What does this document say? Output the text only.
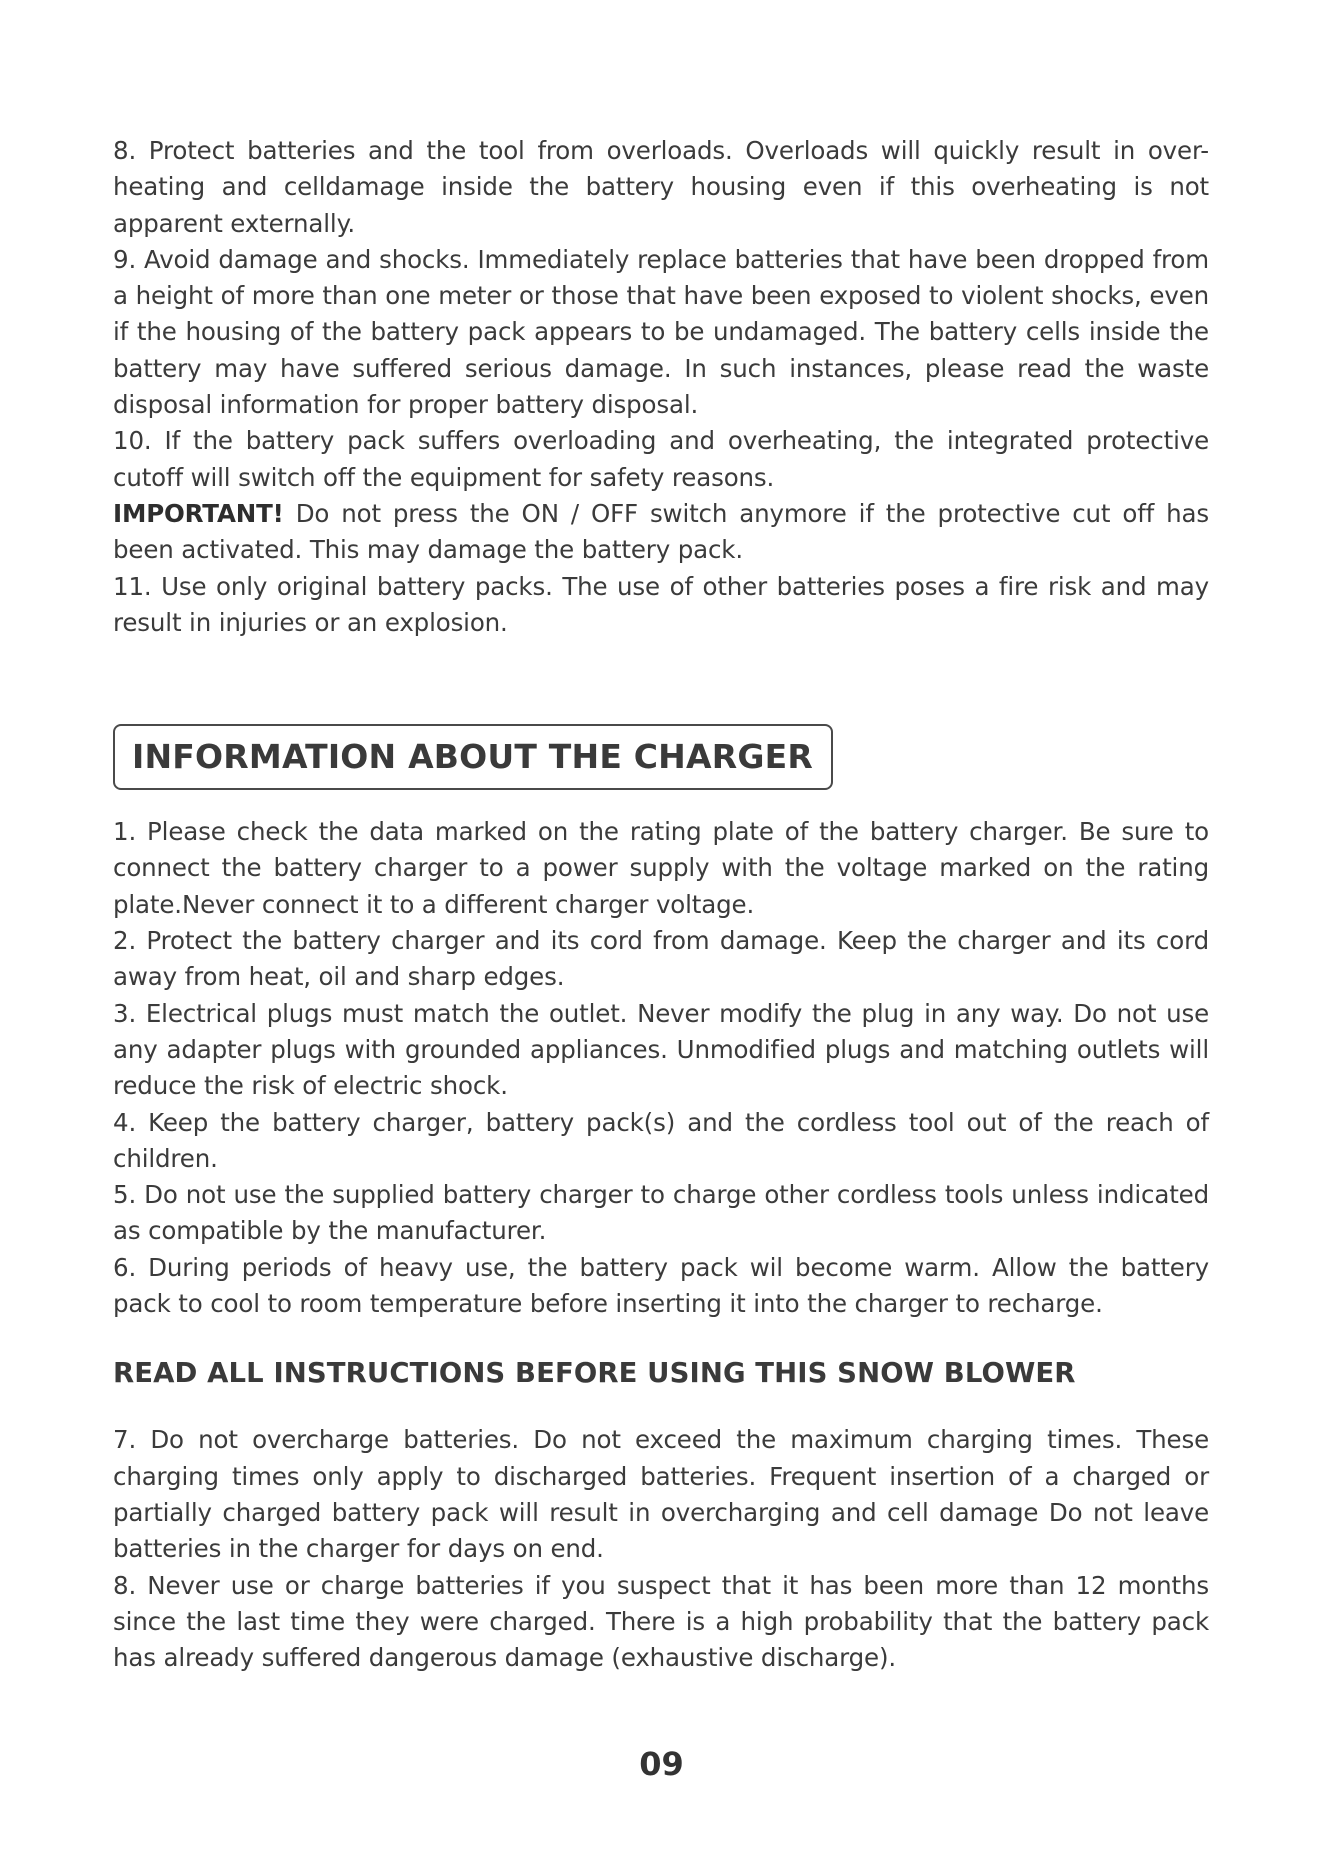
8. Protect batteries and the tool from overloads. Overloads will quickly result in over-heating and celldamage inside the battery housing even if this overheating is not apparent externally.

9. Avoid damage and shocks. Immediately replace batteries that have been dropped from a height of more than one meter or those that have been exposed to violent shocks, even if the housing of the battery pack appears to be undamaged. The battery cells inside the battery may have suffered serious damage. In such instances, please read the waste disposal information for proper battery disposal.

10. If the battery pack suffers overloading and overheating, the integrated protective cutoff will switch off the equipment for safety reasons.

IMPORTANT! Do not press the ON / OFF switch anymore if the protective cut off has been activated. This may damage the battery pack.

11. Use only original battery packs. The use of other batteries poses a fire risk and may result in injuries or an explosion.

INFORMATION ABOUT THE CHARGER

1. Please check the data marked on the rating plate of the battery charger. Be sure to connect the battery charger to a power supply with the voltage marked on the rating plate.Never connect it to a different charger voltage.

2. Protect the battery charger and its cord from damage. Keep the charger and its cord away from heat, oil and sharp edges.

3. Electrical plugs must match the outlet. Never modify the plug in any way. Do not use any adapter plugs with grounded appliances. Unmodified plugs and matching outlets will reduce the risk of electric shock.

4. Keep the battery charger, battery pack(s) and the cordless tool out of the reach of children.

5. Do not use the supplied battery charger to charge other cordless tools unless indicated as compatible by the manufacturer.

6. During periods of heavy use, the battery pack wil become warm. Allow the battery pack to cool to room temperature before inserting it into the charger to recharge.

READ ALL INSTRUCTIONS BEFORE USING THIS SNOW BLOWER

7. Do not overcharge batteries. Do not exceed the maximum charging times. These charging times only apply to discharged batteries. Frequent insertion of a charged or partially charged battery pack will result in overcharging and cell damage Do not leave batteries in the charger for days on end.

8. Never use or charge batteries if you suspect that it has been more than 12 months since the last time they were charged. There is a high probability that the battery pack has already suffered dangerous damage (exhaustive discharge).

09
